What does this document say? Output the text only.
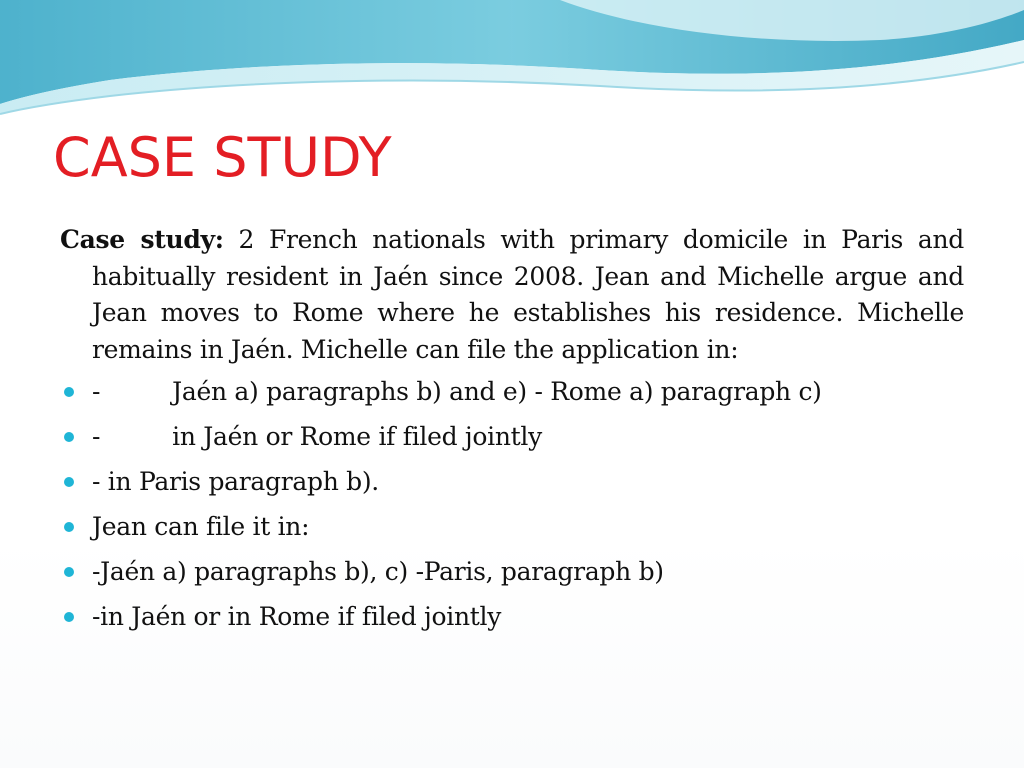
CASE STUDY

Case study: 2 French nationals with primary domicile in Paris and habitually resident in Jaén since 2008. Jean and Michelle argue and Jean moves to Rome where he establishes his residence. Michelle remains in Jaén. Michelle can file the application in:

-	Jaén a) paragraphs b) and e) - Rome a) paragraph c)
-	in Jaén or Rome if filed jointly
- in Paris paragraph b).
Jean can file it in:
-Jaén a) paragraphs b), c) -Paris, paragraph b)
-in Jaén or in Rome if filed jointly
